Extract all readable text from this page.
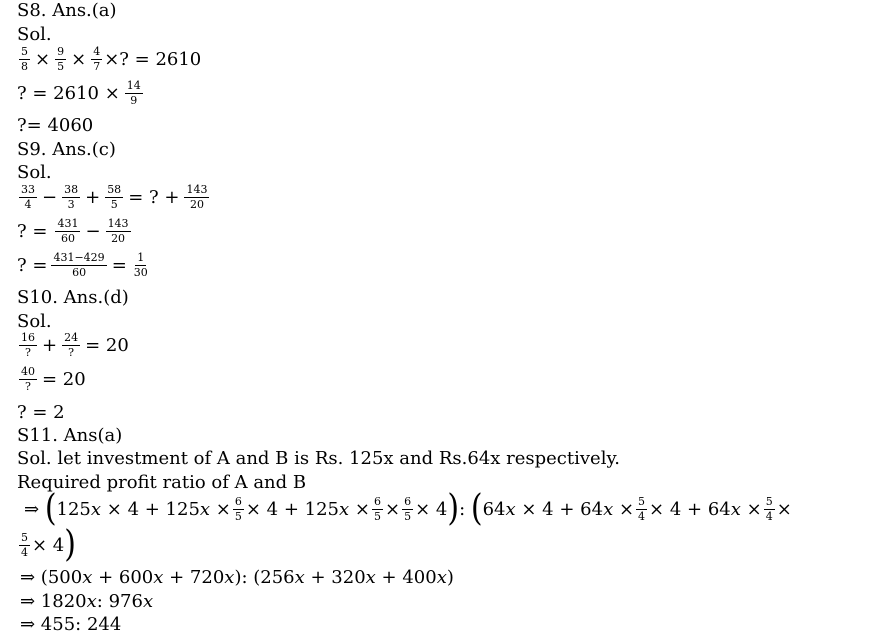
S8. Ans.(a)
Sol.
$\frac{5}{8} \times \frac{9}{5} \times \frac{4}{7}$ ×? = 2610
? = $2610 \times \frac{14}{9}$
?= 4060
S9. Ans.(c)
Sol.
33
$4 - \frac{38}{3} + \frac{58}{5}$ = ? + $\frac{143}{20}$
? = $\frac{431}{60} - \frac{143}{20}$
? = $\frac{431-429}{60} = \frac{1}{30}$
S10. Ans.(d)
Sol.
16
? + 24
? = 20
40
? = 20
? = 2
S11. Ans(a)
Sol. let investment of A and B is Rs. 125x and Rs.64x respectively.
Required profit ratio of A and B
⇒ ( $125x \times 4 + 125x \times \frac{6}{5} \times 4 + 125x \times \frac{6}{5} \times \frac{6}{5} \times 4$ ) : ( $64x \times 4 + 64x \times \frac{5}{4} \times 4 + 64x \times \frac{5}{4}$ ×
$\frac{5}{4} \times 4$ )
⇒ (500x + 600x + 720x): (256x + 320x + 400x)
⇒ 1820x: 976x
⇒ 455: 244
